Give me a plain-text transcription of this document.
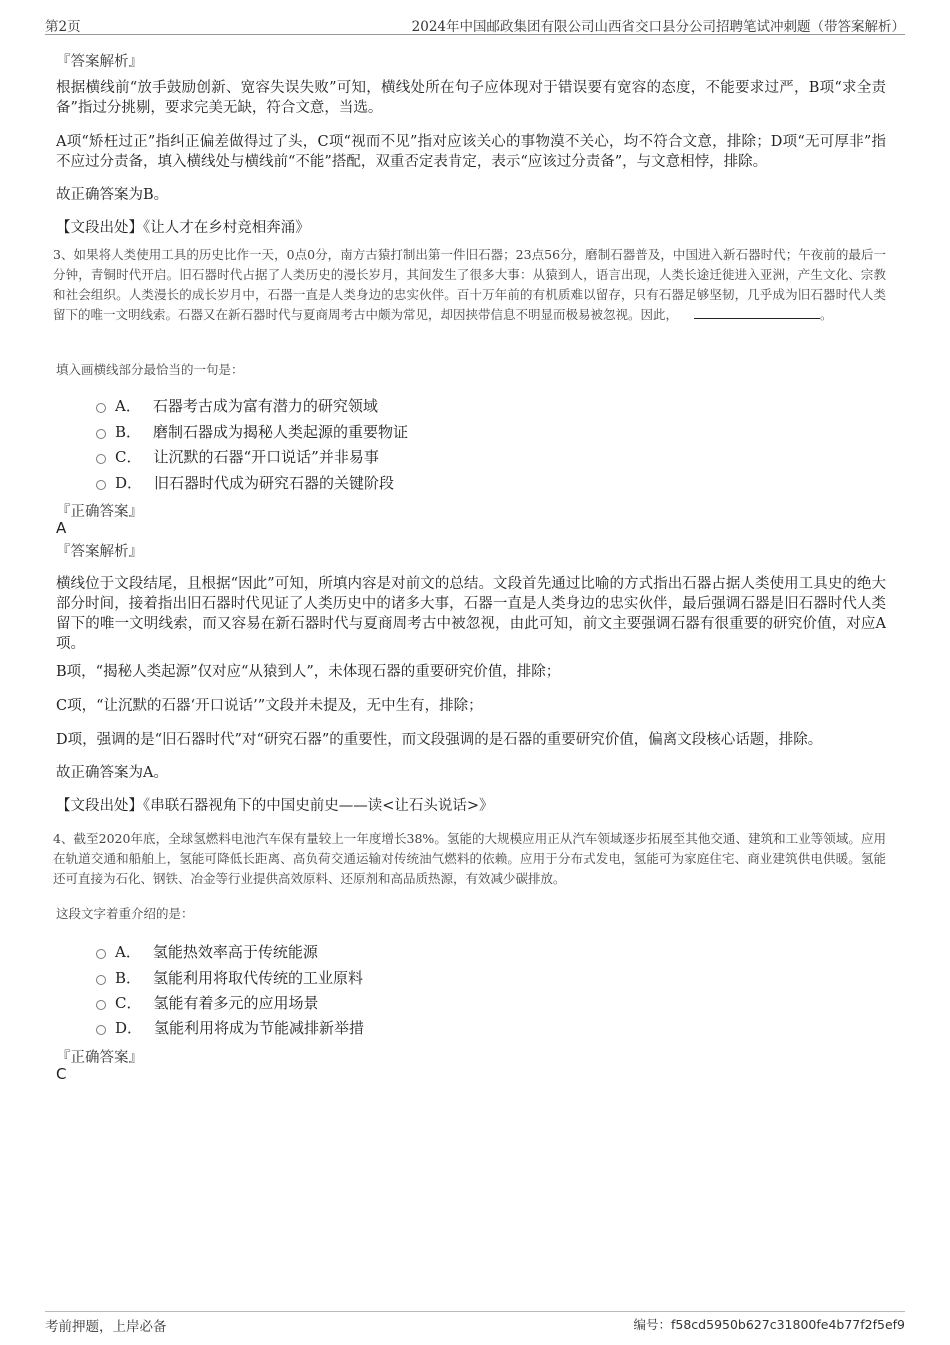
第2页	2024年中国邮政集团有限公司山西省交口县分公司招聘笔试冲刺题（带答案解析）
『答案解析』
根据横线前“放手鼓励创新、宽容失误失败”可知，横线处所在句子应体现对于错误要有宽容的态度，不能要求过严，B项“求全责备”指过分挑剔，要求完美无缺，符合文意，当选。
A项“矫枉过正”指纠正偏差做得过了头，C项“视而不见”指对应该关心的事物漠不关心，均不符合文意，排除；D项“无可厚非”指不应过分责备，填入横线处与横线前“不能”搭配，双重否定表肯定，表示“应该过分责备”，与文意相悖，排除。
故正确答案为B。
【文段出处】《让人才在乡村竞相奔涌》
3、如果将人类使用工具的历史比作一天，0点0分，南方古猿打制出第一件旧石器；23点56分，磨制石器普及，中国进入新石器时代；午夜前的最后一分钟，青铜时代开启。旧石器时代占据了人类历史的漫长岁月，其间发生了很多大事：从猿到人，语言出现，人类长途迁徙进入亚洲，产生文化、宗教和社会组织。人类漫长的成长岁月中，石器一直是人类身边的忠实伙伴。百十万年前的有机质难以留存，只有石器足够坚韧，几乎成为旧石器时代人类留下的唯一文明线索。石器又在新石器时代与夏商周考古中颇为常见，却因挟带信息不明显而极易被忽视。因此，	。
填入画横线部分最恰当的一句是：
A． 石器考古成为富有潜力的研究领域
B． 磨制石器成为揭秘人类起源的重要物证
C． 让沉默的石器“开口说话”并非易事
D． 旧石器时代成为研究石器的关键阶段
『正确答案』
A
『答案解析』
横线位于文段结尾，且根据“因此”可知，所填内容是对前文的总结。文段首先通过比喻的方式指出石器占据人类使用工具史的绝大部分时间，接着指出旧石器时代见证了人类历史中的诸多大事，石器一直是人类身边的忠实伙伴，最后强调石器是旧石器时代人类留下的唯一文明线索，而又容易在新石器时代与夏商周考古中被忽视，由此可知，前文主要强调石器有很重要的研究价值，对应A项。
B项，“揭秘人类起源”仅对应“从猿到人”，未体现石器的重要研究价值，排除；
C项，“让沉默的石器‘开口说话’”文段并未提及，无中生有，排除；
D项，强调的是“旧石器时代”对“研究石器”的重要性，而文段强调的是石器的重要研究价值，偏离文段核心话题，排除。
故正确答案为A。
【文段出处】《串联石器视角下的中国史前史——读<让石头说话>》
4、截至2020年底，全球氢燃料电池汽车保有量较上一年度增长38%。氢能的大规模应用正从汽车领域逐步拓展至其他交通、建筑和工业等领域。应用在轨道交通和船舶上，氢能可降低长距离、高负荷交通运输对传统油气燃料的依赖。应用于分布式发电，氢能可为家庭住宅、商业建筑供电供暖。氢能还可直接为石化、钢铁、冶金等行业提供高效原料、还原剂和高品质热源，有效减少碳排放。
这段文字着重介绍的是：
A． 氢能热效率高于传统能源
B． 氢能利用将取代传统的工业原料
C． 氢能有着多元的应用场景
D． 氢能利用将成为节能减排新举措
『正确答案』
C
考前押题，上岸必备	编号：f58cd5950b627c31800fe4b77f2f5ef9
